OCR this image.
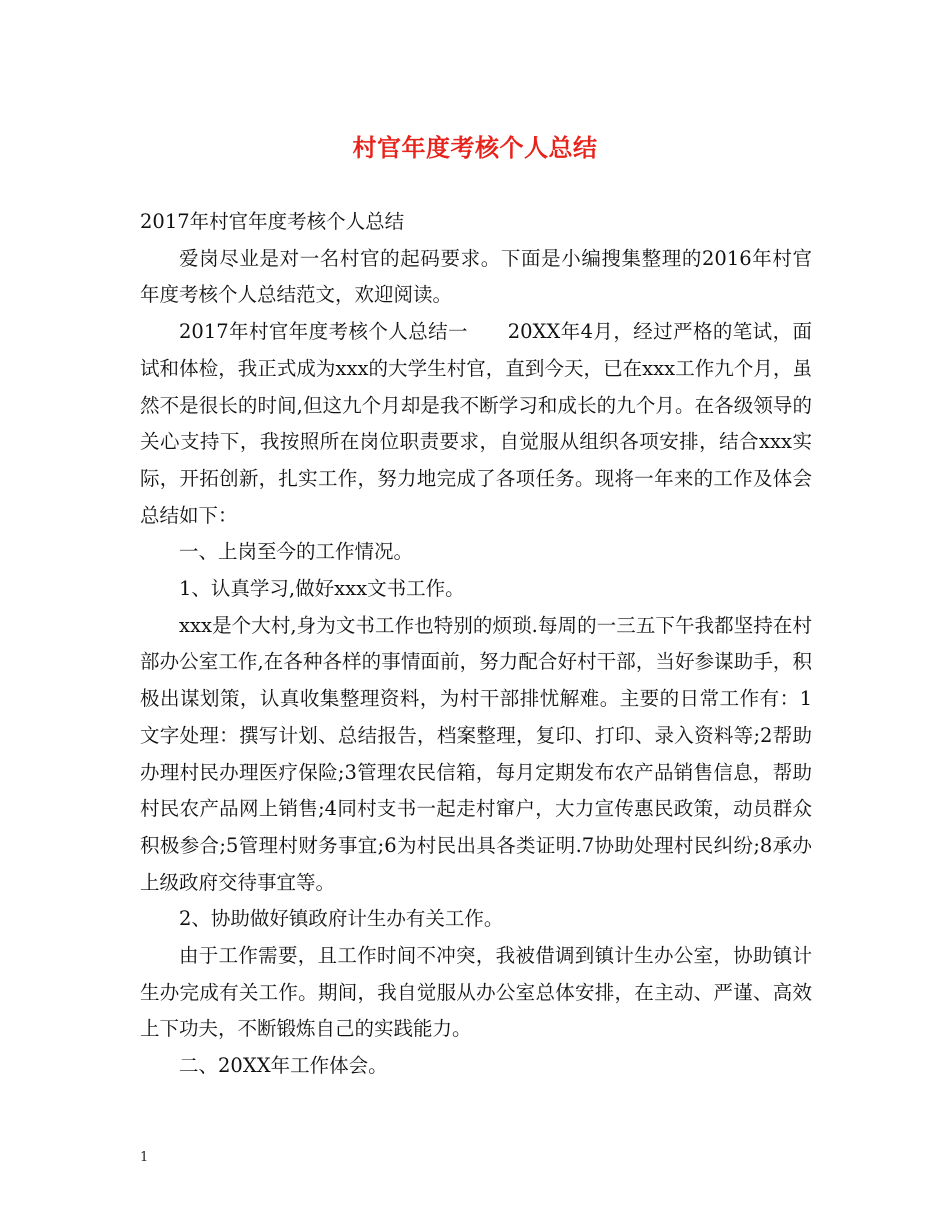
村官年度考核个人总结

2017年村官年度考核个人总结

爱岗尽业是对一名村官的起码要求。下面是小编搜集整理的2016年村官年度考核个人总结范文，欢迎阅读。

2017年村官年度考核个人总结一　　20XX年4月，经过严格的笔试，面试和体检，我正式成为xxx的大学生村官，直到今天，已在xxx工作九个月，虽然不是很长的时间,但这九个月却是我不断学习和成长的九个月。在各级领导的关心支持下，我按照所在岗位职责要求，自觉服从组织各项安排，结合xxx实际，开拓创新，扎实工作，努力地完成了各项任务。现将一年来的工作及体会总结如下：

一、上岗至今的工作情况。

1、认真学习,做好xxx文书工作。

xxx是个大村,身为文书工作也特别的烦琐.每周的一三五下午我都坚持在村部办公室工作,在各种各样的事情面前，努力配合好村干部，当好参谋助手，积极出谋划策，认真收集整理资料，为村干部排忧解难。主要的日常工作有：1文字处理：撰写计划、总结报告，档案整理，复印、打印、录入资料等;2帮助办理村民办理医疗保险;3管理农民信箱，每月定期发布农产品销售信息，帮助村民农产品网上销售;4同村支书一起走村窜户，大力宣传惠民政策，动员群众积极参合;5管理村财务事宜;6为村民出具各类证明.7协助处理村民纠纷;8承办上级政府交待事宜等。

2、协助做好镇政府计生办有关工作。

由于工作需要，且工作时间不冲突，我被借调到镇计生办公室，协助镇计生办完成有关工作。期间，我自觉服从办公室总体安排，在主动、严谨、高效上下功夫，不断锻炼自己的实践能力。

二、20XX年工作体会。

1
